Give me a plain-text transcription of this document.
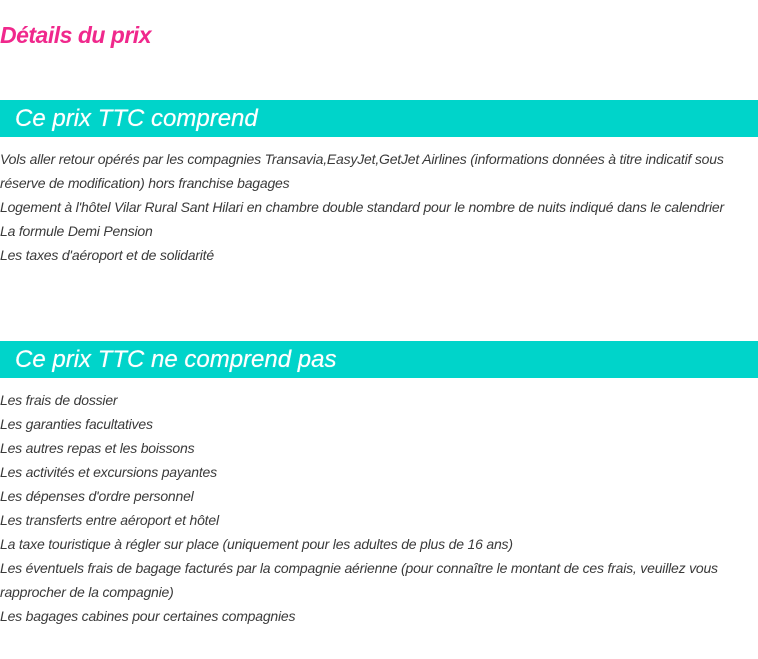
Détails du prix
Ce prix TTC comprend
Vols aller retour opérés par les compagnies Transavia,EasyJet,GetJet Airlines (informations données à titre indicatif sous réserve de modification) hors franchise bagages
Logement à l'hôtel Vilar Rural Sant Hilari en chambre double standard pour le nombre de nuits indiqué dans le calendrier
La formule Demi Pension
Les taxes d'aéroport et de solidarité
Ce prix TTC ne comprend pas
Les frais de dossier
Les garanties facultatives
Les autres repas et les boissons
Les activités et excursions payantes
Les dépenses d'ordre personnel
Les transferts entre aéroport et hôtel
La taxe touristique à régler sur place (uniquement pour les adultes de plus de 16 ans)
Les éventuels frais de bagage facturés par la compagnie aérienne (pour connaître le montant de ces frais, veuillez vous rapprocher de la compagnie)
Les bagages cabines pour certaines compagnies
